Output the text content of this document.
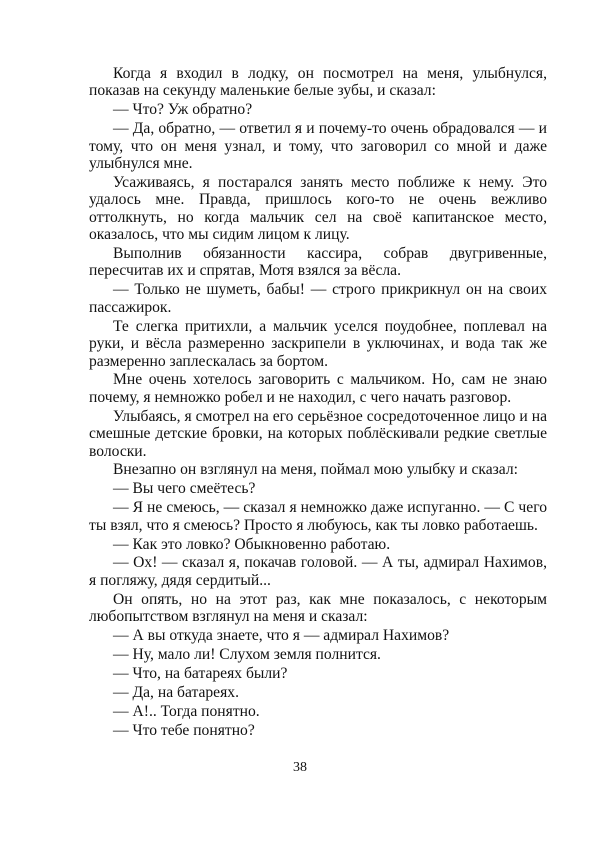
Когда я входил в лодку, он посмотрел на меня, улыбнулся, показав на секунду маленькие белые зубы, и сказал:

— Что? Уж обратно?

— Да, обратно, — ответил я и почему-то очень обрадовался — и тому, что он меня узнал, и тому, что заговорил со мной и даже улыбнулся мне.

Усаживаясь, я постарался занять место поближе к нему. Это удалось мне. Правда, пришлось кого-то не очень вежливо оттолкнуть, но когда мальчик сел на своё капитанское место, оказалось, что мы сидим лицом к лицу.

Выполнив обязанности кассира, собрав двугривенные, пересчитав их и спрятав, Мотя взялся за вёсла.

— Только не шуметь, бабы! — строго прикрикнул он на своих пассажирок.

Те слегка притихли, а мальчик уселся поудобнее, поплевал на руки, и вёсла размеренно заскрипели в уключинах, и вода так же размеренно заплескалась за бортом.

Мне очень хотелось заговорить с мальчиком. Но, сам не знаю почему, я немножко робел и не находил, с чего начать разговор.

Улыбаясь, я смотрел на его серьёзное сосредоточенное лицо и на смешные детские бровки, на которых поблёскивали редкие светлые волоски.

Внезапно он взглянул на меня, поймал мою улыбку и сказал:

— Вы чего смеётесь?

— Я не смеюсь, — сказал я немножко даже испуганно. — С чего ты взял, что я смеюсь? Просто я любуюсь, как ты ловко работаешь.

— Как это ловко? Обыкновенно работаю.

— Ох! — сказал я, покачав головой. — А ты, адмирал Нахимов, я погляжу, дядя сердитый...

Он опять, но на этот раз, как мне показалось, с некоторым любопытством взглянул на меня и сказал:

— А вы откуда знаете, что я — адмирал Нахимов?

— Ну, мало ли! Слухом земля полнится.

— Что, на батареях были?

— Да, на батареях.

— А!.. Тогда понятно.

— Что тебе понятно?

38
